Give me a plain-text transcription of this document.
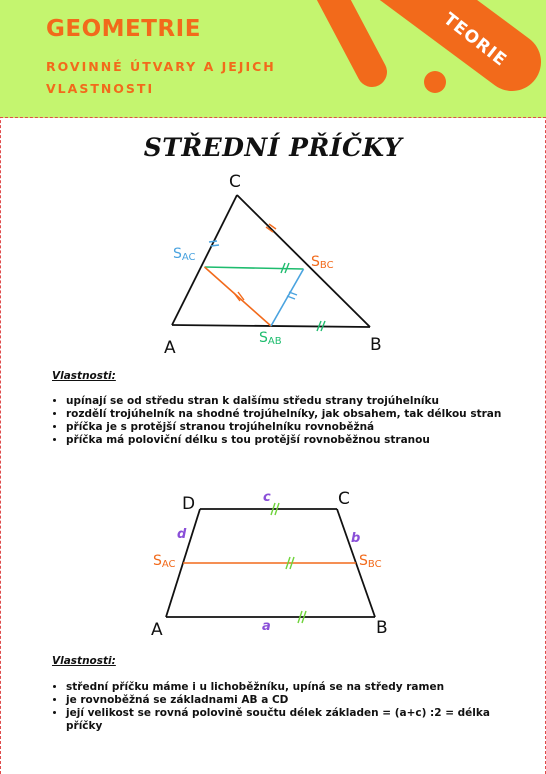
TEORIE
GEOMETRIE

ROVINNÉ ÚTVARY A JEJICH VLASTNOSTI

STŘEDNÍ PŘÍČKY
C
A	B
SAC	SBC
SAB

Vlastnosti:

• upínají se od středu stran k dalšímu středu strany trojúhelníku
• rozdělí trojúhelník na shodné trojúhelníky, jak obsahem, tak délkou stran
• příčka je s protější stranou trojúhelníku rovnoběžná
• příčka má poloviční délku s tou protější rovnoběžnou stranou
D	C
A	B
c
d	b
a
SAC	SBC

Vlastnosti:

• střední příčku máme i u lichoběžníku, upíná se na středy ramen
• je rovnoběžná se základnami AB a CD
• její velikost se rovná polovině součtu délek základen = (a+c) :2 = délka příčky
